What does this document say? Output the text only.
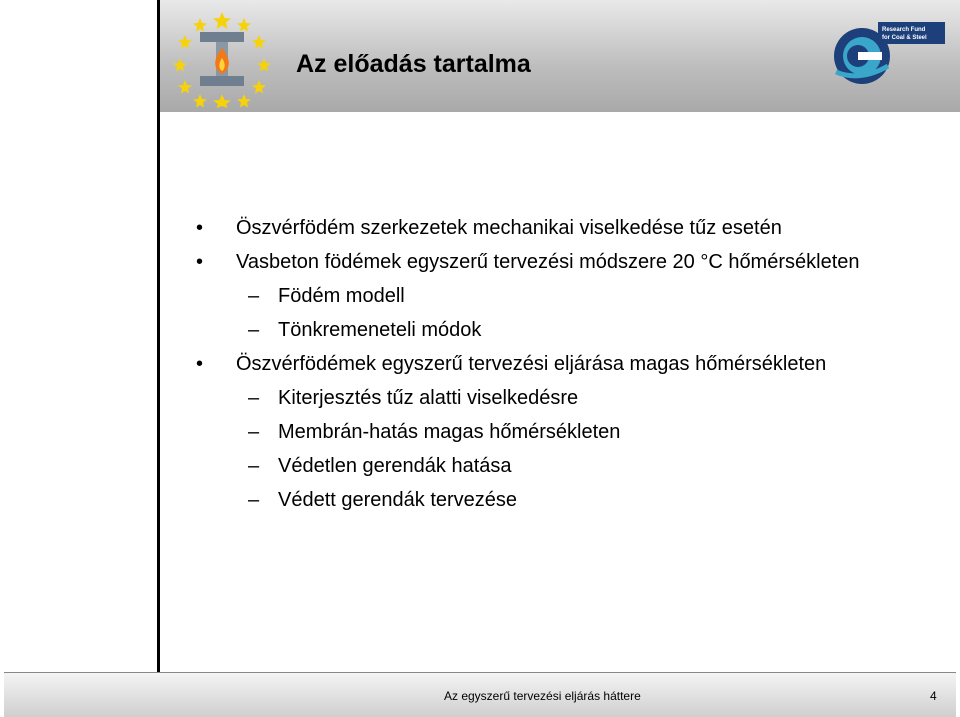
Az előadás tartalma
Research Fund
for Coal & Steel
• Öszvérfödém szerkezetek mechanikai viselkedése tűz esetén
• Vasbeton födémek egyszerű tervezési módszere 20 °C hőmérsékleten
– Födém modell
– Tönkremeneteli módok
• Öszvérfödémek egyszerű tervezési eljárása magas hőmérsékleten
– Kiterjesztés tűz alatti viselkedésre
– Membrán-hatás magas hőmérsékleten
– Védetlen gerendák hatása
– Védett gerendák tervezése
Az egyszerű tervezési eljárás háttere	4
